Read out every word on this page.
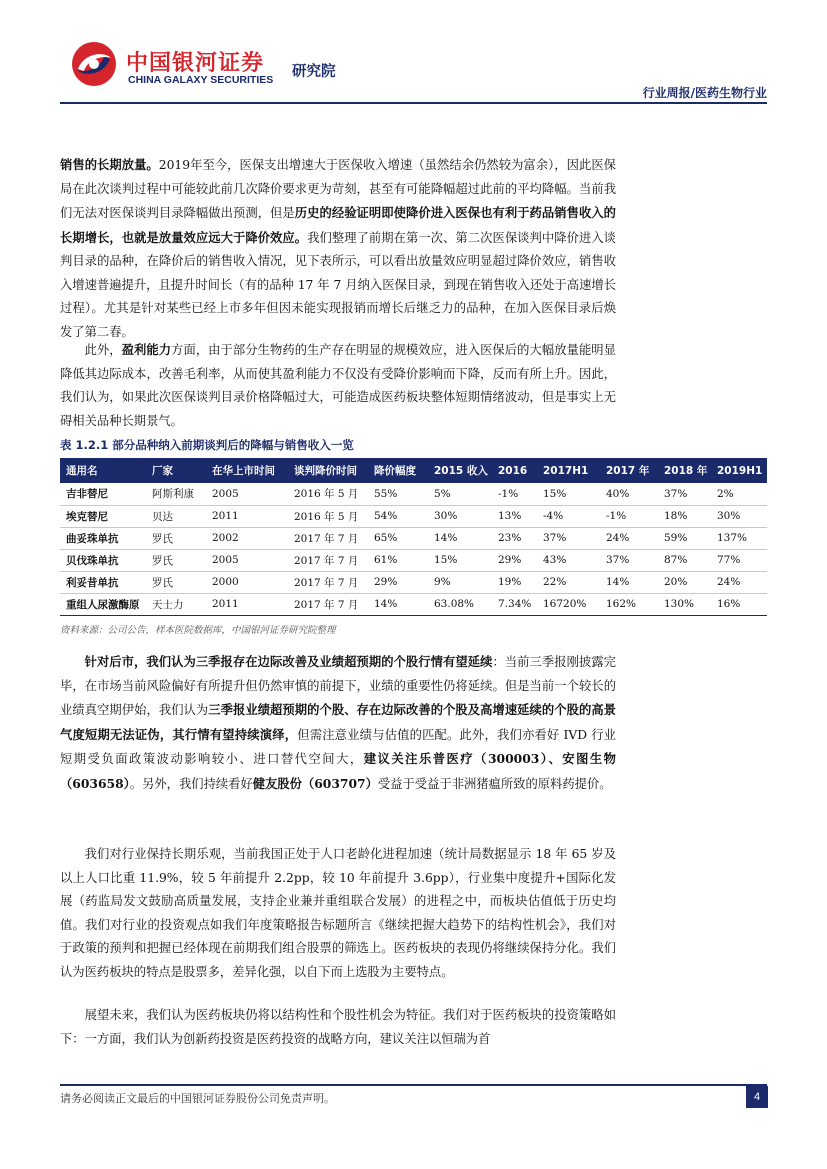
中国银河证券
CHINA GALAXY SECURITIES 研究院
行业周报/医药生物行业
销售的长期放量。2019年至今，医保支出增速大于医保收入增速（虽然结余仍然较为富余），因此医保局在此次谈判过程中可能较此前几次降价要求更为苛刻，甚至有可能降幅超过此前的平均降幅。当前我们无法对医保谈判目录降幅做出预测，但是历史的经验证明即使降价进入医保也有利于药品销售收入的长期增长，也就是放量效应远大于降价效应。我们整理了前期在第一次、第二次医保谈判中降价进入谈判目录的品种，在降价后的销售收入情况，见下表所示，可以看出放量效应明显超过降价效应，销售收入增速普遍提升，且提升时间长（有的品种 17 年 7 月纳入医保目录，到现在销售收入还处于高速增长过程）。尤其是针对某些已经上市多年但因未能实现报销而增长后继乏力的品种，在加入医保目录后焕发了第二春。
此外，盈利能力方面，由于部分生物药的生产存在明显的规模效应，进入医保后的大幅放量能明显降低其边际成本，改善毛利率，从而使其盈利能力不仅没有受降价影响而下降，反而有所上升。因此，我们认为，如果此次医保谈判目录价格降幅过大，可能造成医药板块整体短期情绪波动，但是事实上无碍相关品种长期景气。
表 1.2.1 部分品种纳入前期谈判后的降幅与销售收入一览
通用名	厂家	在华上市时间	谈判降价时间	降价幅度	2015 收入	2016	2017H1	2017 年	2018 年	2019H1
吉非替尼	阿斯利康	2005	2016 年 5 月	55%	5%	-1%	15%	40%	37%	2%
埃克替尼	贝达	2011	2016 年 5 月	54%	30%	13%	-4%	-1%	18%	30%
曲妥珠单抗	罗氏	2002	2017 年 7 月	65%	14%	23%	37%	24%	59%	137%
贝伐珠单抗	罗氏	2005	2017 年 7 月	61%	15%	29%	43%	37%	87%	77%
利妥昔单抗	罗氏	2000	2017 年 7 月	29%	9%	19%	22%	14%	20%	24%
重组人尿激酶原	天士力	2011	2017 年 7 月	14%	63.08%	7.34%	16720%	162%	130%	16%
资料来源：公司公告，样本医院数据库，中国银河证券研究院整理
针对后市，我们认为三季报存在边际改善及业绩超预期的个股行情有望延续：当前三季报刚披露完毕，在市场当前风险偏好有所提升但仍然审慎的前提下，业绩的重要性仍将延续。但是当前一个较长的业绩真空期伊始，我们认为三季报业绩超预期的个股、存在边际改善的个股及高增速延续的个股的高景气度短期无法证伪，其行情有望持续演绎，但需注意业绩与估值的匹配。此外，我们亦看好 IVD 行业短期受负面政策波动影响较小、进口替代空间大，建议关注乐普医疗（300003）、安图生物（603658）。另外，我们持续看好健友股份（603707）受益于受益于非洲猪瘟所致的原料药提价。
我们对行业保持长期乐观，当前我国正处于人口老龄化进程加速（统计局数据显示 18 年 65 岁及以上人口比重 11.9%，较 5 年前提升 2.2pp，较 10 年前提升 3.6pp），行业集中度提升+国际化发展（药监局发文鼓励高质量发展，支持企业兼并重组联合发展）的进程之中，而板块估值低于历史均值。我们对行业的投资观点如我们年度策略报告标题所言《继续把握大趋势下的结构性机会》，我们对于政策的预判和把握已经体现在前期我们组合股票的筛选上。医药板块的表现仍将继续保持分化。我们认为医药板块的特点是股票多，差异化强，以自下而上选股为主要特点。
展望未来，我们认为医药板块仍将以结构性和个股性机会为特征。我们对于医药板块的投资策略如下：一方面，我们认为创新药投资是医药投资的战略方向，建议关注以恒瑞为首
请务必阅读正文最后的中国银河证券股份公司免责声明。	4
